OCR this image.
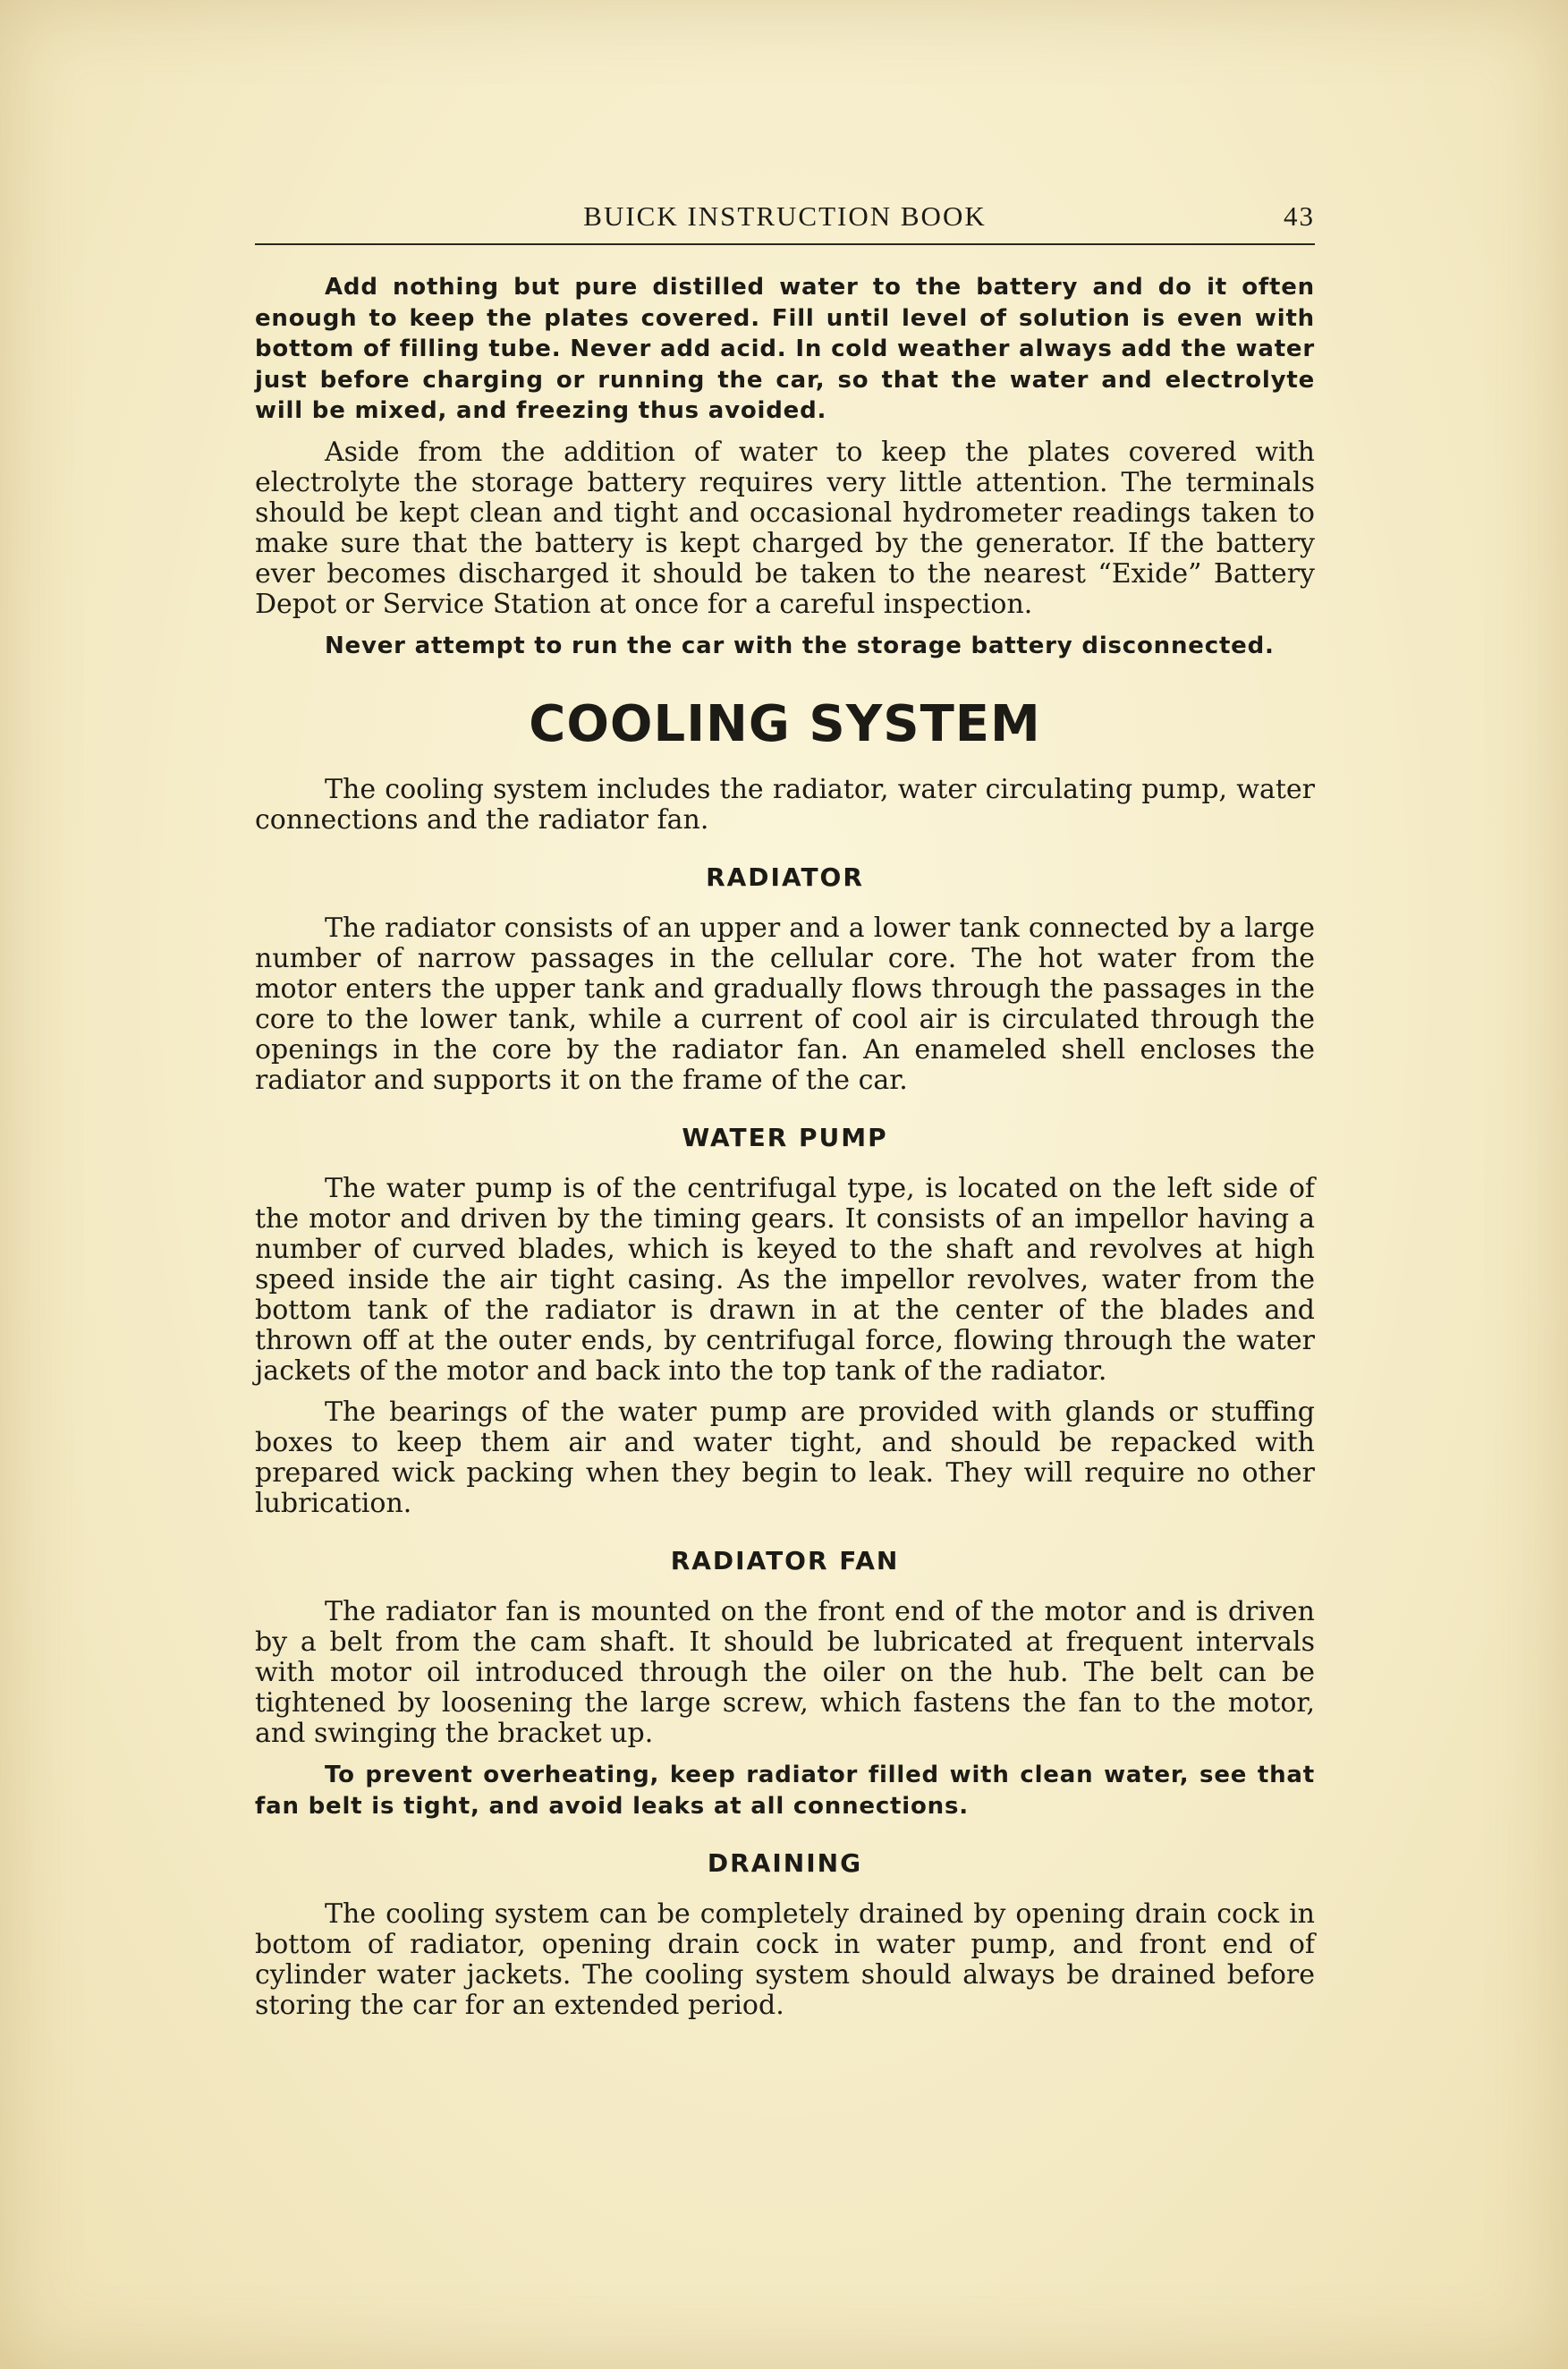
BUICK INSTRUCTION BOOK	43

Add nothing but pure distilled water to the battery and do it often enough to keep the plates covered. Fill until level of solution is even with bottom of filling tube. Never add acid. In cold weather always add the water just before charging or running the car, so that the water and electrolyte will be mixed, and freezing thus avoided.

Aside from the addition of water to keep the plates covered with electrolyte the storage battery requires very little attention. The terminals should be kept clean and tight and occasional hydrometer readings taken to make sure that the battery is kept charged by the generator. If the battery ever becomes discharged it should be taken to the nearest “Exide” Battery Depot or Service Station at once for a careful inspection.

Never attempt to run the car with the storage battery disconnected.

COOLING SYSTEM

The cooling system includes the radiator, water circulating pump, water connections and the radiator fan.

RADIATOR

The radiator consists of an upper and a lower tank connected by a large number of narrow passages in the cellular core. The hot water from the motor enters the upper tank and gradually flows through the passages in the core to the lower tank, while a current of cool air is circulated through the openings in the core by the radiator fan. An enameled shell encloses the radiator and supports it on the frame of the car.

WATER PUMP

The water pump is of the centrifugal type, is located on the left side of the motor and driven by the timing gears. It consists of an impellor having a number of curved blades, which is keyed to the shaft and revolves at high speed inside the air tight casing. As the impellor revolves, water from the bottom tank of the radiator is drawn in at the center of the blades and thrown off at the outer ends, by centrifugal force, flowing through the water jackets of the motor and back into the top tank of the radiator.

The bearings of the water pump are provided with glands or stuffing boxes to keep them air and water tight, and should be repacked with prepared wick packing when they begin to leak. They will require no other lubrication.

RADIATOR FAN

The radiator fan is mounted on the front end of the motor and is driven by a belt from the cam shaft. It should be lubricated at frequent intervals with motor oil introduced through the oiler on the hub. The belt can be tightened by loosening the large screw, which fastens the fan to the motor, and swinging the bracket up.

To prevent overheating, keep radiator filled with clean water, see that fan belt is tight, and avoid leaks at all connections.

DRAINING

The cooling system can be completely drained by opening drain cock in bottom of radiator, opening drain cock in water pump, and front end of cylinder water jackets. The cooling system should always be drained before storing the car for an extended period.
